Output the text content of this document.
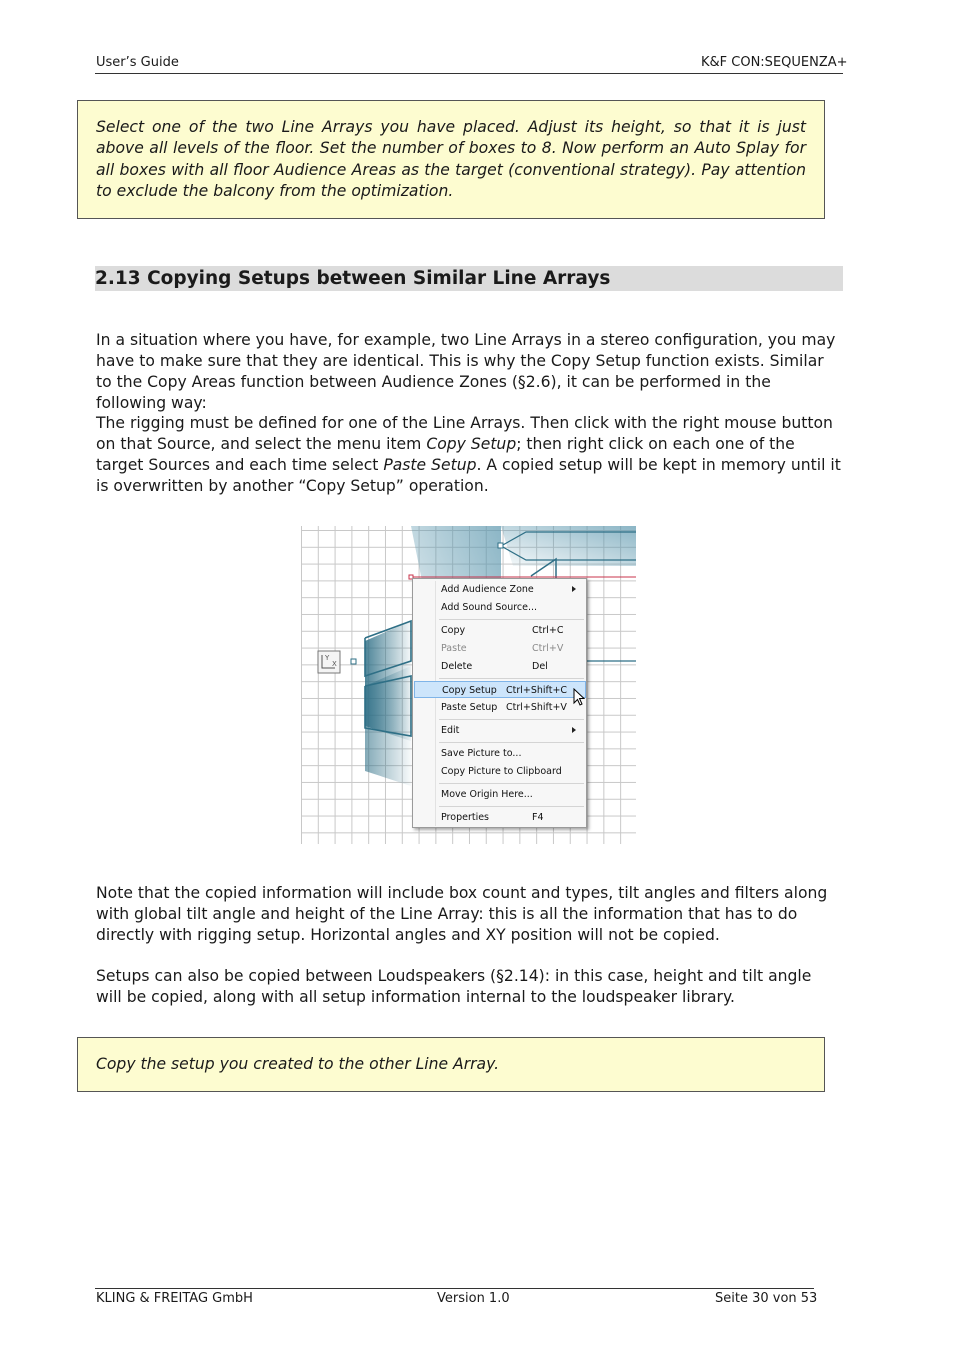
User’s Guide	K&F CON:SEQUENZA+

Select one of the two Line Arrays you have placed. Adjust its height, so that it is just above all levels of the floor. Set the number of boxes to 8. Now perform an Auto Splay for all boxes with all floor Audience Areas as the target (conventional strategy). Pay attention to exclude the balcony from the optimization.

2.13 Copying Setups between Similar Line Arrays

In a situation where you have, for example, two Line Arrays in a stereo configuration, you may have to make sure that they are identical. This is why the Copy Setup function exists. Similar to the Copy Areas function between Audience Zones (§2.6), it can be performed in the following way:

The rigging must be defined for one of the Line Arrays. Then click with the right mouse button on that Source, and select the menu item Copy Setup; then right click on each one of the target Sources and each time select Paste Setup. A copied setup will be kept in memory until it is overwritten by another “Copy Setup” operation.

Y
X
Add Audience Zone
Add Sound Source...
Copy	Ctrl+C
Paste	Ctrl+V
Delete	Del
Copy Setup Ctrl+Shift+C
Paste Setup Ctrl+Shift+V
Edit
Save Picture to...
Copy Picture to Clipboard
Move Origin Here...
Properties	F4

Note that the copied information will include box count and types, tilt angles and filters along with global tilt angle and height of the Line Array: this is all the information that has to do directly with rigging setup. Horizontal angles and XY position will not be copied.

Setups can also be copied between Loudspeakers (§2.14): in this case, height and tilt angle will be copied, along with all setup information internal to the loudspeaker library.

Copy the setup you created to the other Line Array.

KLING & FREITAG GmbH	Version 1.0	Seite 30 von 53
